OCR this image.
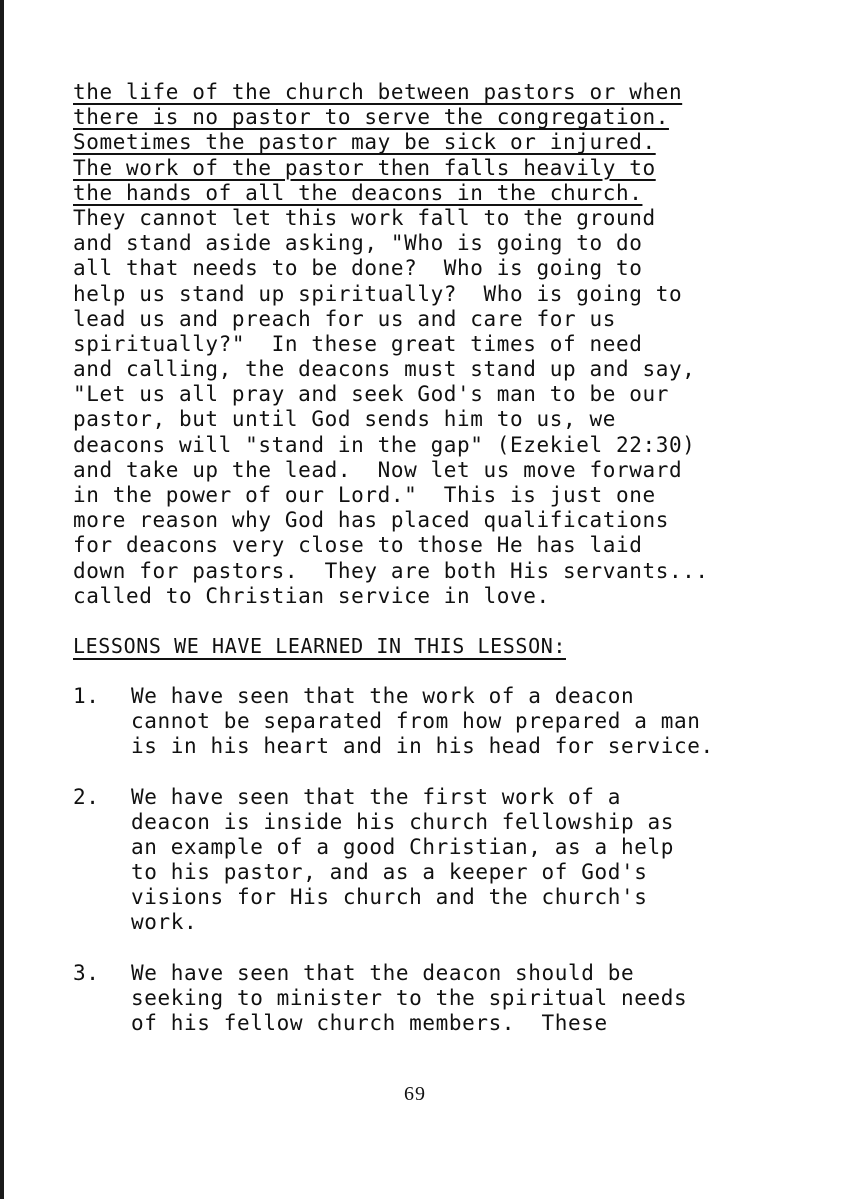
the life of the church between pastors or when
there is no pastor to serve the congregation.
Sometimes the pastor may be sick or injured.
The work of the pastor then falls heavily to
the hands of all the deacons in the church.
They cannot let this work fall to the ground
and stand aside asking, "Who is going to do
all that needs to be done?  Who is going to
help us stand up spiritually?  Who is going to
lead us and preach for us and care for us
spiritually?"  In these great times of need
and calling, the deacons must stand up and say,
"Let us all pray and seek God's man to be our
pastor, but until God sends him to us, we
deacons will "stand in the gap" (Ezekiel 22:30)
and take up the lead.  Now let us move forward
in the power of our Lord."  This is just one
more reason why God has placed qualifications
for deacons very close to those He has laid
down for pastors.  They are both His servants...
called to Christian service in love.
LESSONS WE HAVE LEARNED IN THIS LESSON:
1.	We have seen that the work of a deacon
cannot be separated from how prepared a man
is in his heart and in his head for service.
2.	We have seen that the first work of a
deacon is inside his church fellowship as
an example of a good Christian, as a help
to his pastor, and as a keeper of God's
visions for His church and the church's
work.
3.	We have seen that the deacon should be
seeking to minister to the spiritual needs
of his fellow church members.  These
69
